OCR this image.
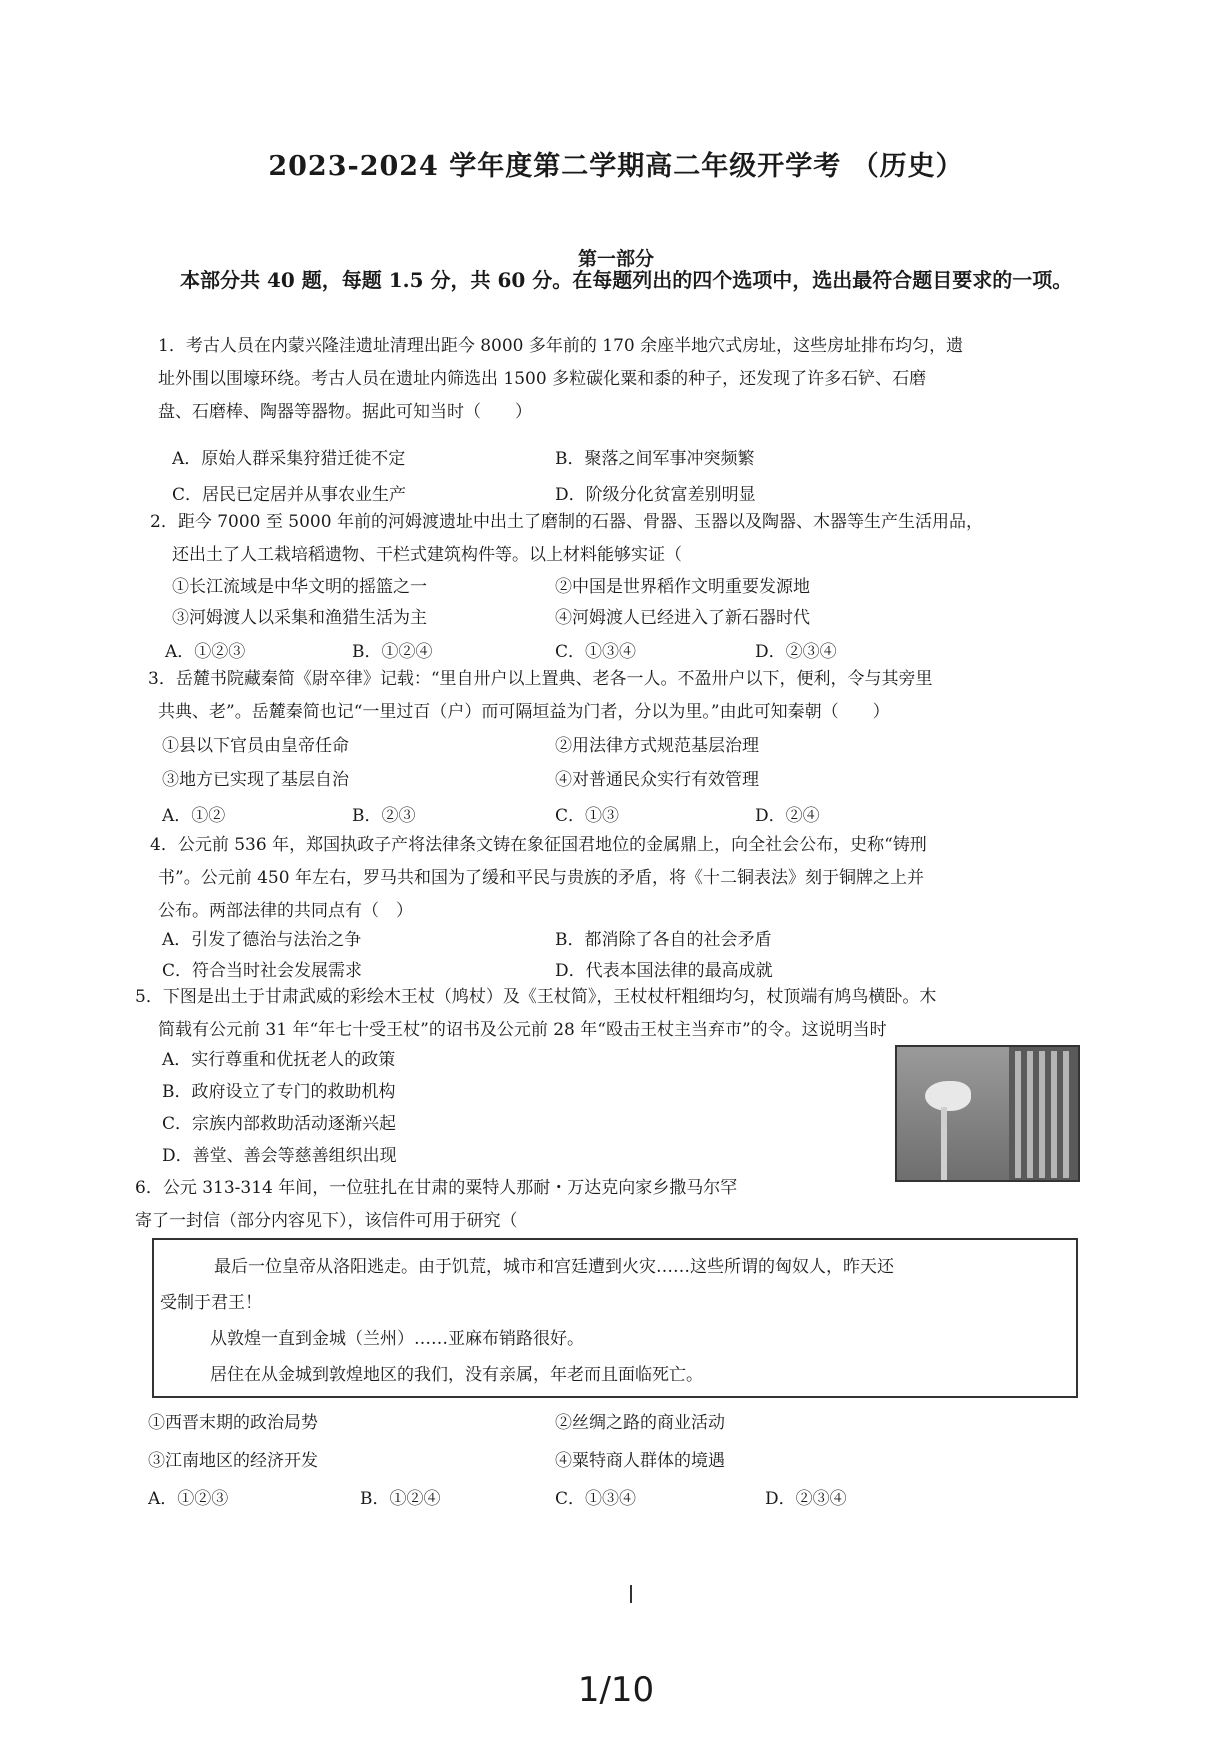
2023-2024 学年度第二学期高二年级开学考 （历史）
第一部分
本部分共 40 题，每题 1.5 分，共 60 分。在每题列出的四个选项中，选出最符合题目要求的一项。
1．考古人员在内蒙兴隆洼遗址清理出距今 8000 多年前的 170 余座半地穴式房址，这些房址排布均匀，遗
址外围以围壕环绕。考古人员在遗址内筛选出 1500 多粒碳化粟和黍的种子，还发现了许多石铲、石磨
盘、石磨棒、陶器等器物。据此可知当时（　　）
A．原始人群采集狩猎迁徙不定	B．聚落之间军事冲突频繁
C．居民已定居并从事农业生产	D．阶级分化贫富差别明显
2．距今 7000 至 5000 年前的河姆渡遗址中出土了磨制的石器、骨器、玉器以及陶器、木器等生产生活用品，
还出土了人工栽培稻遗物、干栏式建筑构件等。以上材料能够实证（
①长江流域是中华文明的摇篮之一	②中国是世界稻作文明重要发源地
③河姆渡人以采集和渔猎生活为主	④河姆渡人已经进入了新石器时代
A．①②③	B．①②④	C．①③④	D．②③④
3．岳麓书院藏秦简《尉卒律》记载：“里自卅户以上置典、老各一人。不盈卅户以下，便利，令与其旁里
共典、老”。岳麓秦简也记“一里过百（户）而可隔垣益为门者，分以为里。”由此可知秦朝（　　）
①县以下官员由皇帝任命	②用法律方式规范基层治理
③地方已实现了基层自治	④对普通民众实行有效管理
A．①②	B．②③	C．①③	D．②④
4．公元前 536 年，郑国执政子产将法律条文铸在象征国君地位的金属鼎上，向全社会公布，史称“铸刑
书”。公元前 450 年左右，罗马共和国为了缓和平民与贵族的矛盾，将《十二铜表法》刻于铜牌之上并
公布。两部法律的共同点有（　）
A．引发了德治与法治之争	B．都消除了各自的社会矛盾
C．符合当时社会发展需求	D．代表本国法律的最高成就
5．下图是出土于甘肃武威的彩绘木王杖（鸠杖）及《王杖简》，王杖杖杆粗细均匀，杖顶端有鸠鸟横卧。木
简载有公元前 31 年“年七十受王杖”的诏书及公元前 28 年“殴击王杖主当弃市”的令。这说明当时
A．实行尊重和优抚老人的政策
B．政府设立了专门的救助机构
C．宗族内部救助活动逐渐兴起
D．善堂、善会等慈善组织出现
6．公元 313-314 年间，一位驻扎在甘肃的粟特人那耐・万达克向家乡撒马尔罕
寄了一封信（部分内容见下），该信件可用于研究（
最后一位皇帝从洛阳逃走。由于饥荒，城市和宫廷遭到火灾……这些所谓的匈奴人，昨天还
受制于君王！
从敦煌一直到金城（兰州）……亚麻布销路很好。
居住在从金城到敦煌地区的我们，没有亲属，年老而且面临死亡。
①西晋末期的政治局势	②丝绸之路的商业活动
③江南地区的经济开发	④粟特商人群体的境遇
A．①②③	B．①②④	C．①③④	D．②③④
1/10
